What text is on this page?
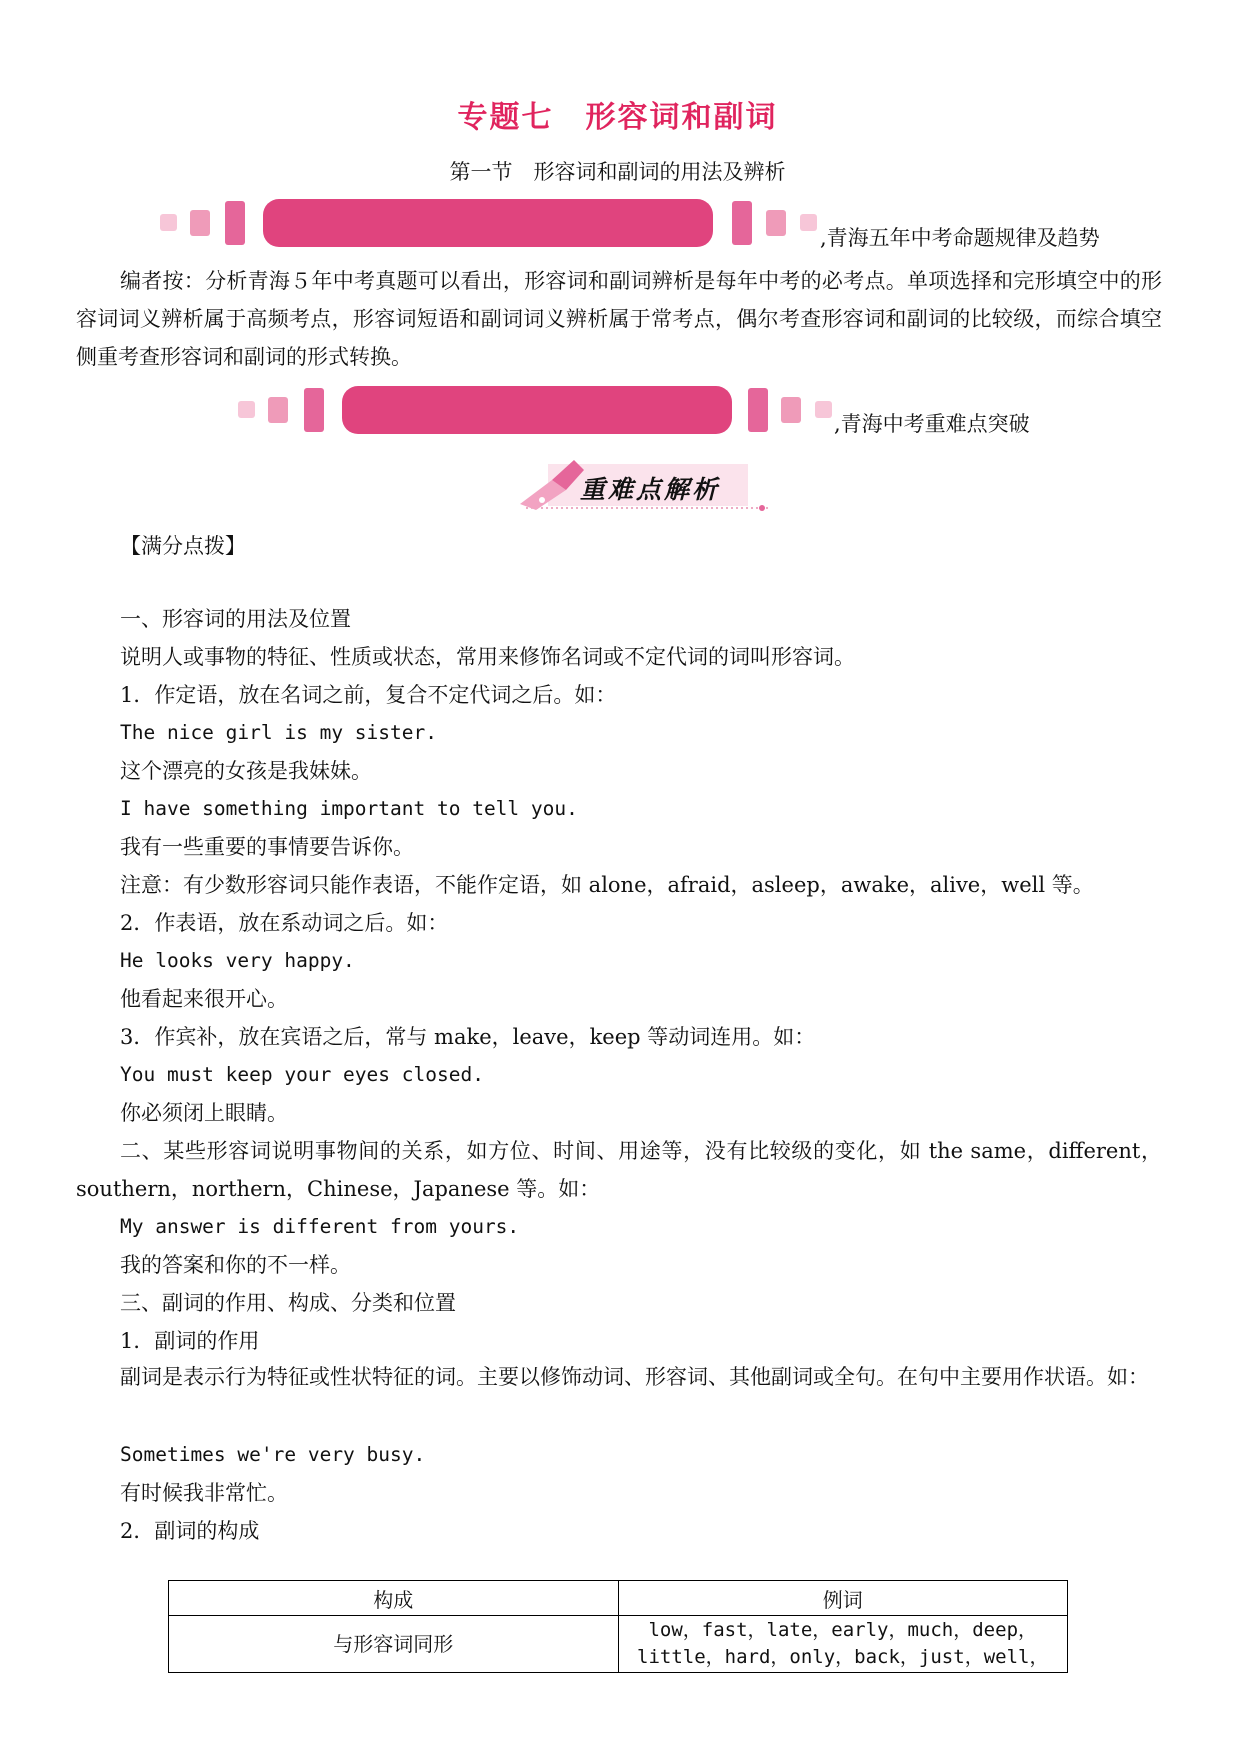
专题七　形容词和副词
第一节　形容词和副词的用法及辨析
,青海五年中考命题规律及趋势
编者按：分析青海５年中考真题可以看出，形容词和副词辨析是每年中考的必考点。单项选择和完形填空中的形容词词义辨析属于高频考点，形容词短语和副词词义辨析属于常考点，偶尔考查形容词和副词的比较级，而综合填空侧重考查形容词和副词的形式转换。
,青海中考重难点突破
重难点解析
【满分点拨】
一、形容词的用法及位置
说明人或事物的特征、性质或状态，常用来修饰名词或不定代词的词叫形容词。
1．作定语，放在名词之前，复合不定代词之后。如：
The nice girl is my sister.
这个漂亮的女孩是我妹妹。
I have something important to tell you.
我有一些重要的事情要告诉你。
注意：有少数形容词只能作表语，不能作定语，如 alone，afraid，asleep，awake，alive，well 等。
2．作表语，放在系动词之后。如：
He looks very happy.
他看起来很开心。
3．作宾补，放在宾语之后，常与 make，leave，keep 等动词连用。如：
You must keep your eyes closed.
你必须闭上眼睛。
二、某些形容词说明事物间的关系，如方位、时间、用途等，没有比较级的变化，如 the same，different，southern，northern，Chinese，Japanese 等。如：
My answer is different from yours.
我的答案和你的不一样。
三、副词的作用、构成、分类和位置
1．副词的作用
副词是表示行为特征或性状特征的词。主要以修饰动词、形容词、其他副词或全句。在句中主要用作状语。如：
Sometimes we're very busy.
有时候我非常忙。
2．副词的构成
构成	例词
与形容词同形	low，fast，late，early，much，deep，
little，hard，only，back，just，well，
